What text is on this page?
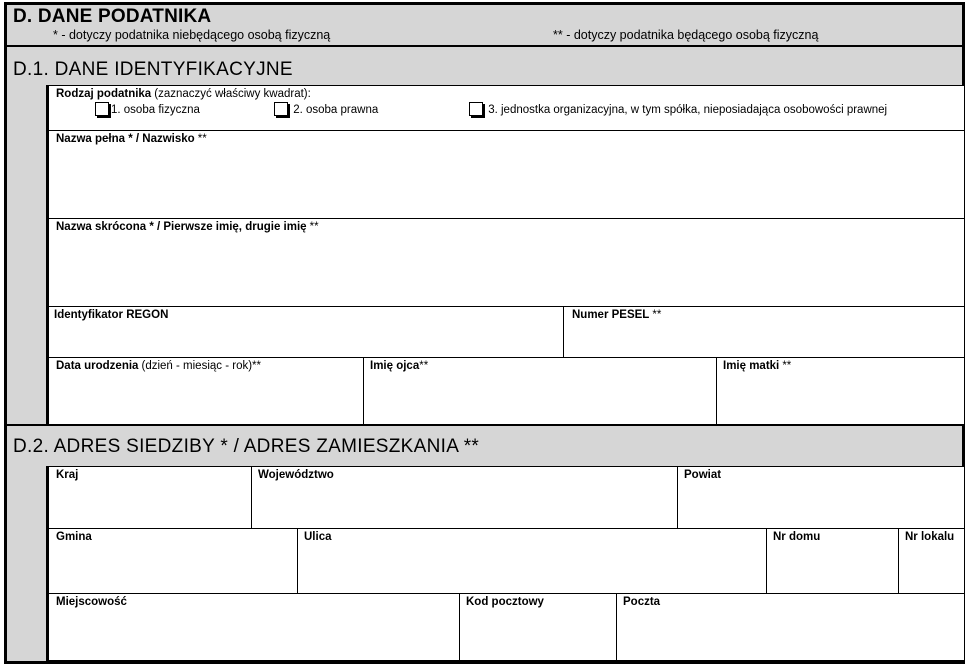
D. DANE PODATNIKA
* - dotyczy podatnika niebędącego osobą fizyczną	** - dotyczy podatnika będącego osobą fizyczną
D.1. DANE IDENTYFIKACYJNE
Rodzaj podatnika (zaznaczyć właściwy kwadrat):
1. osoba fizyczna	2. osoba prawna	3. jednostka organizacyjna, w tym spółka, nieposiadająca osobowości prawnej
Nazwa pełna * / Nazwisko **
Nazwa skrócona * / Pierwsze imię, drugie imię **
Identyfikator REGON	Numer PESEL **
Data urodzenia (dzień - miesiąc - rok)**	Imię ojca**	Imię matki **
D.2. ADRES SIEDZIBY * / ADRES ZAMIESZKANIA **
Kraj	Województwo	Powiat
Gmina	Ulica	Nr domu	Nr lokalu
Miejscowość	Kod pocztowy	Poczta
